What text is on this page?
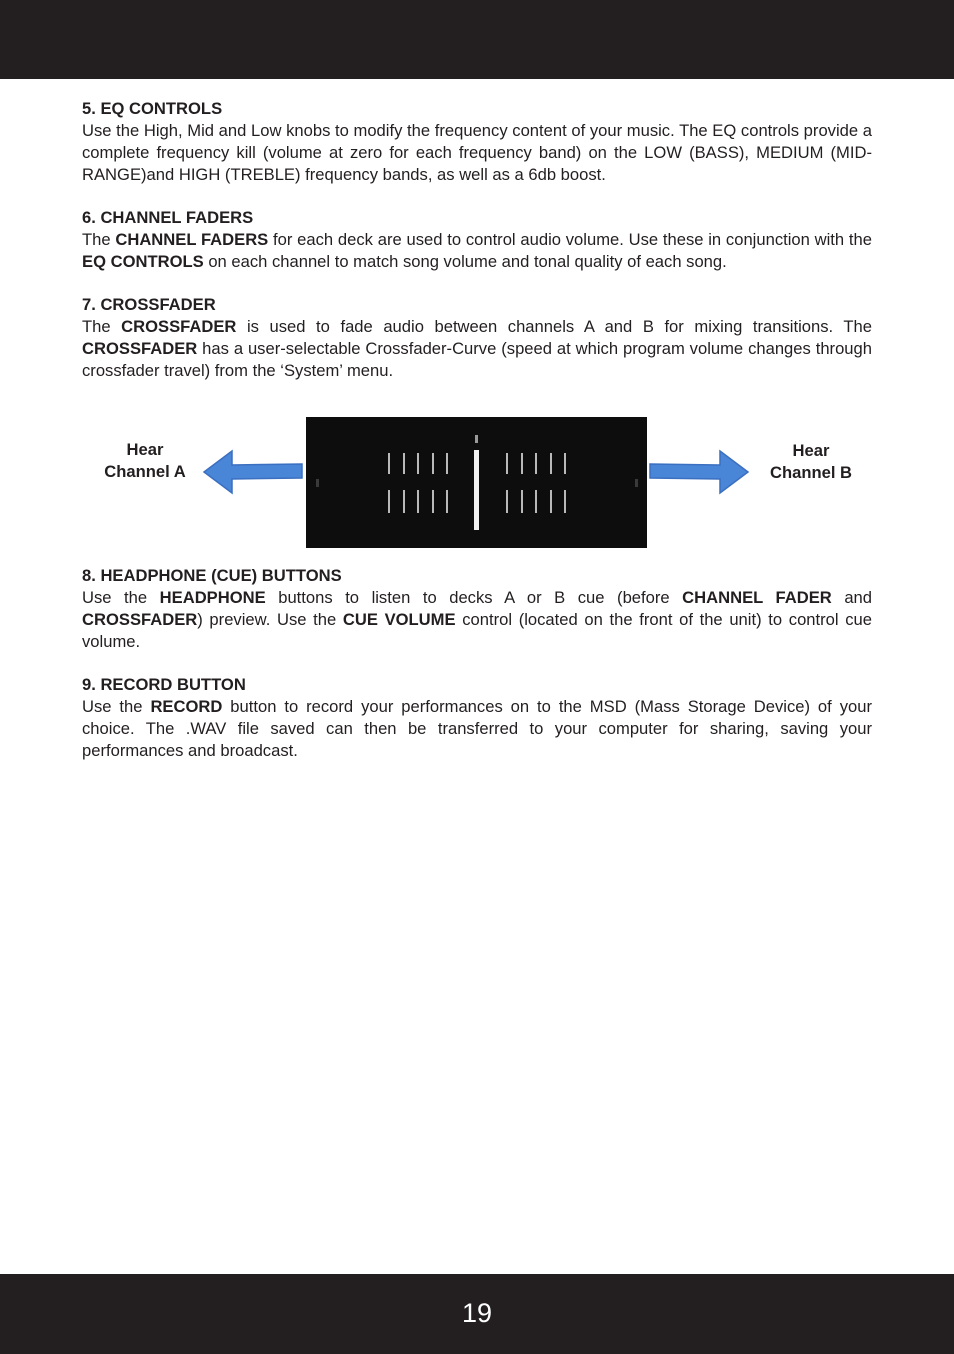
5. EQ CONTROLS
Use the High, Mid and Low knobs to modify the frequency content of your music. The EQ controls provide a complete frequency kill (volume at zero for each frequency band) on the LOW (BASS), MEDIUM (MID-RANGE)and HIGH (TREBLE) frequency bands, as well as a 6db boost.
6. CHANNEL FADERS
The CHANNEL FADERS for each deck are used to control audio volume. Use these in conjunction with the EQ CONTROLS on each channel to match song volume and tonal quality of each song.
7. CROSSFADER
The CROSSFADER is used to fade audio between channels A and B for mixing transitions. The CROSSFADER has a user-selectable Crossfader-Curve (speed at which program volume changes through crossfader travel) from the ‘System’ menu.
Hear
Channel A
Hear
Channel B
8. HEADPHONE (CUE) BUTTONS
Use the HEADPHONE buttons to listen to decks A or B cue (before CHANNEL FADER and CROSSFADER) preview. Use the CUE VOLUME control (located on the front of the unit) to control cue volume.
9. RECORD BUTTON
Use the RECORD button to record your performances on to the MSD (Mass Storage Device) of your choice. The .WAV file saved can then be transferred to your computer for sharing, saving your performances and broadcast.
19
